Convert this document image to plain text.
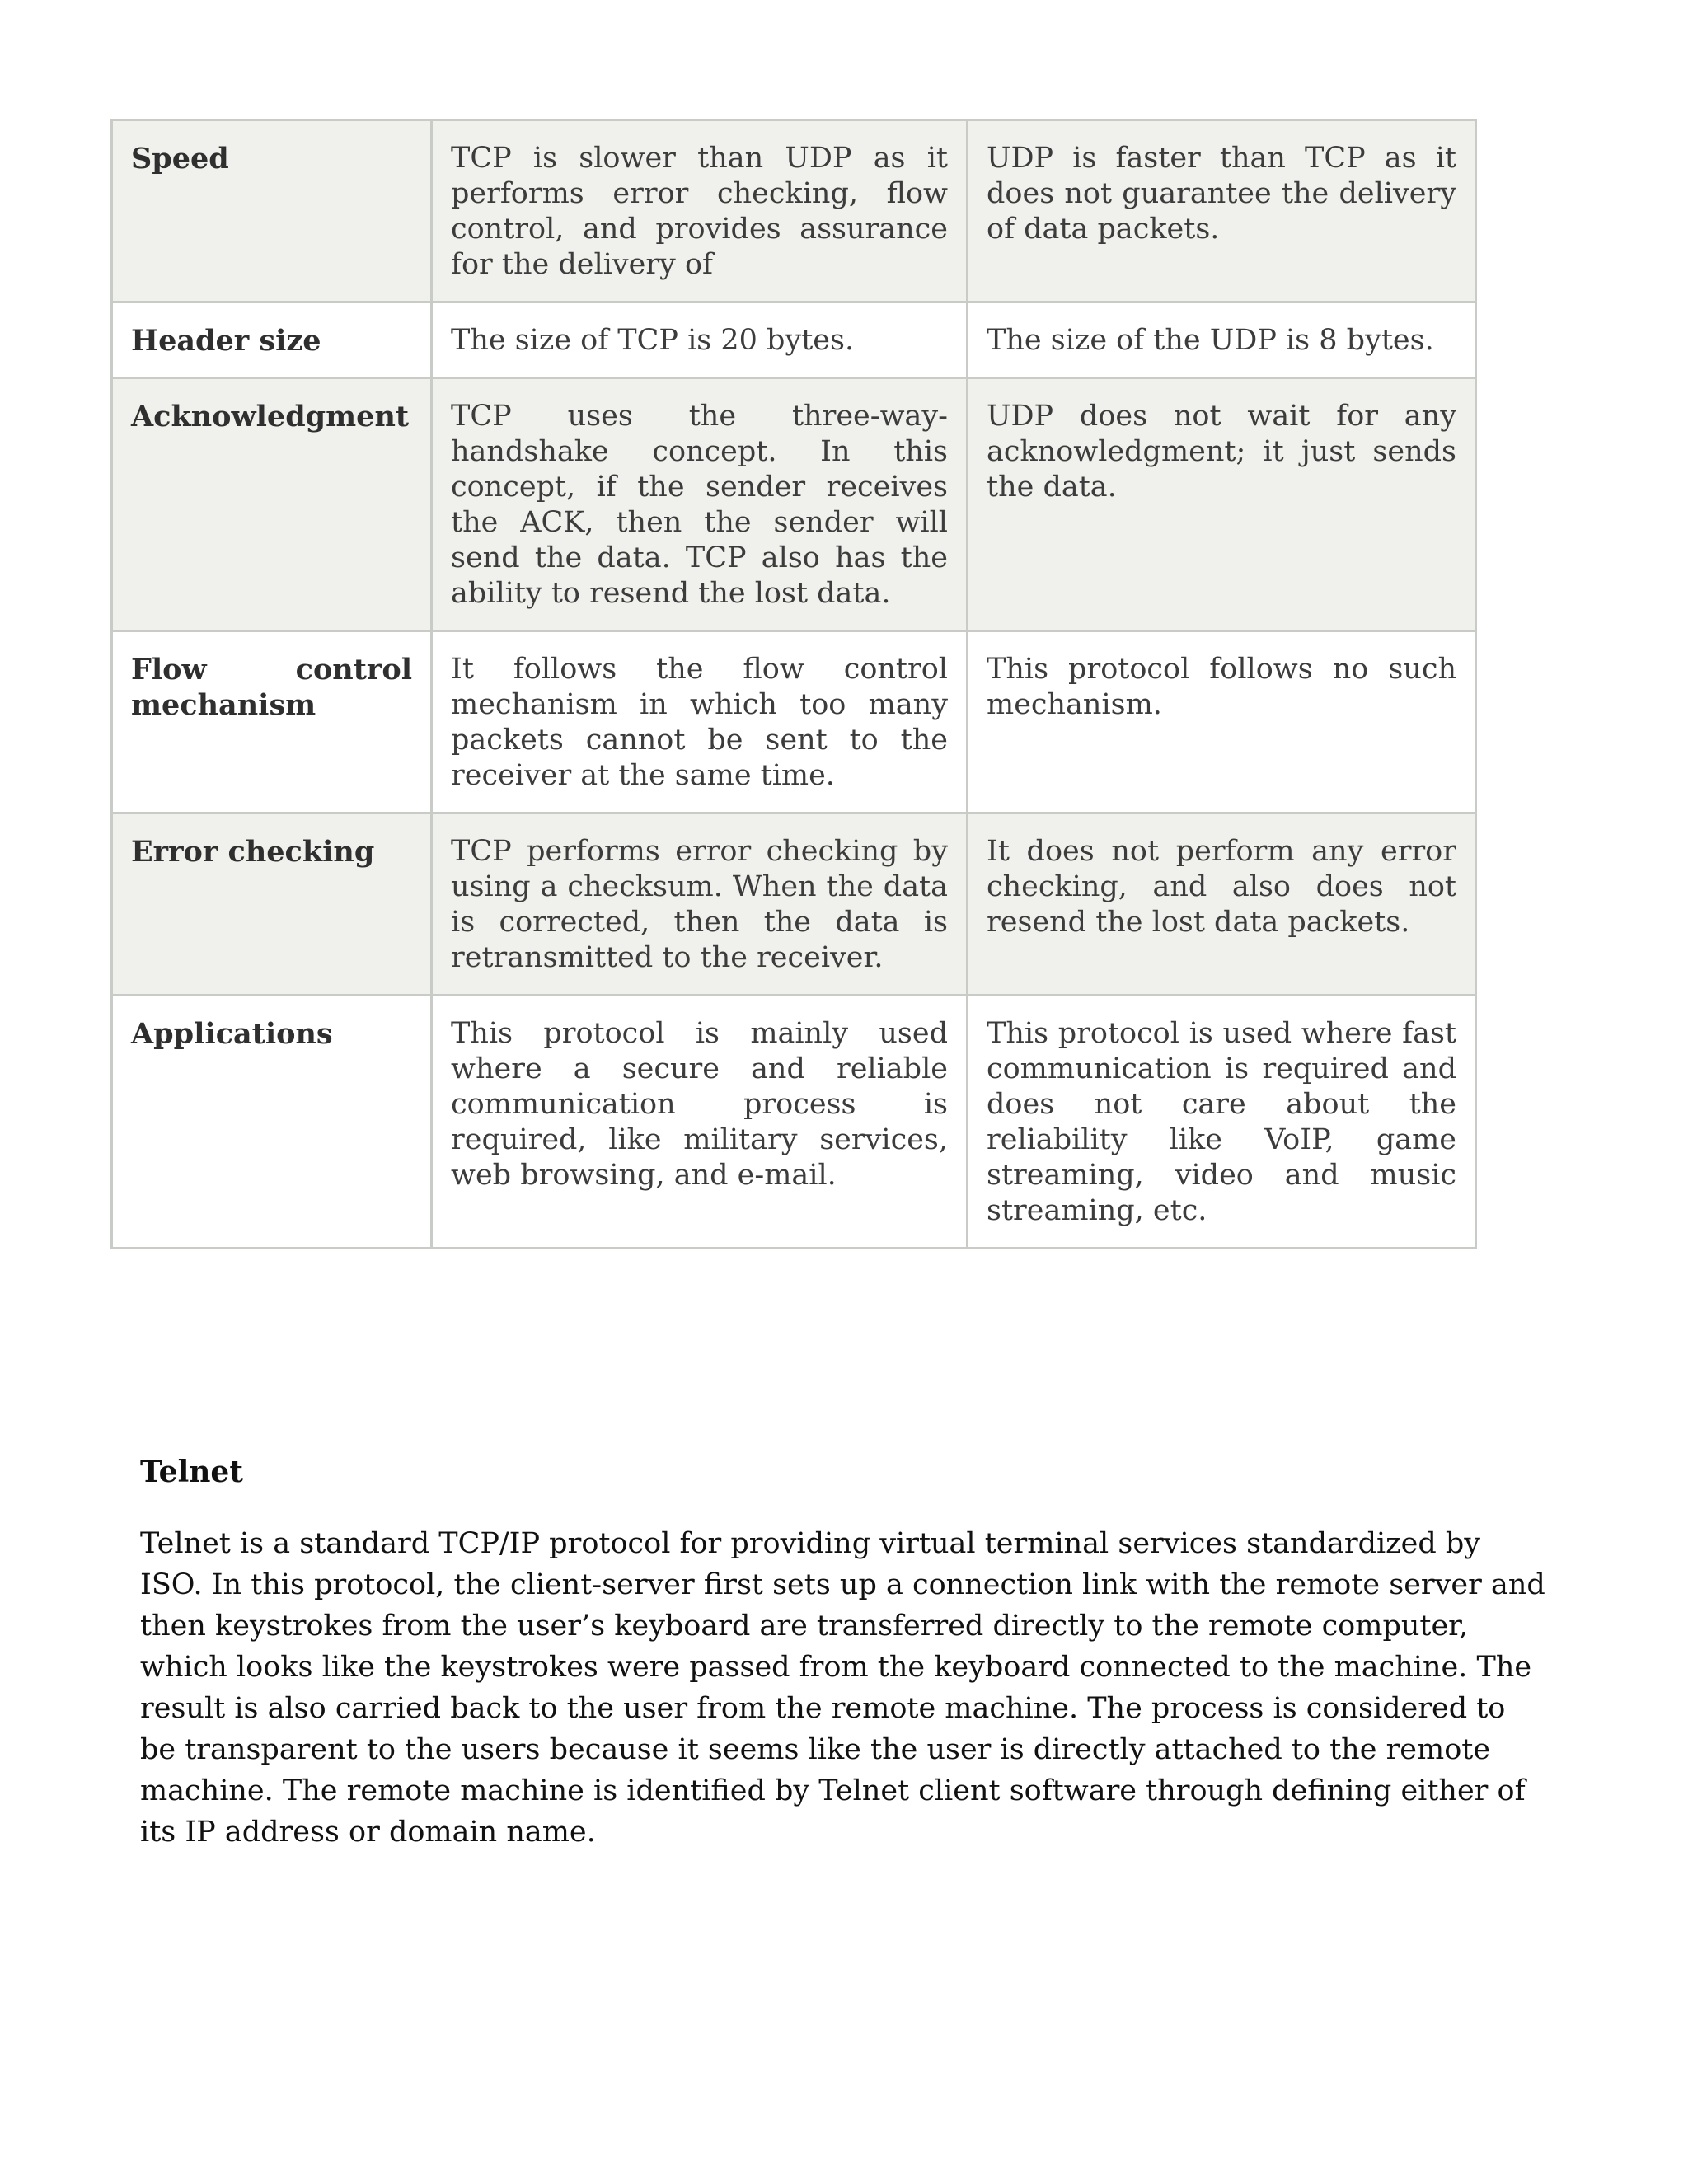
Speed	TCP is slower than UDP as it performs error checking, flow control, and provides assurance for the delivery of	UDP is faster than TCP as it does not guarantee the delivery of data packets.
Header size	The size of TCP is 20 bytes.	The size of the UDP is 8 bytes.
Acknowledgment	TCP uses the three-way-handshake concept. In this concept, if the sender receives the ACK, then the sender will send the data. TCP also has the ability to resend the lost data.	UDP does not wait for any acknowledgment; it just sends the data.
Flow control mechanism	It follows the flow control mechanism in which too many packets cannot be sent to the receiver at the same time.	This protocol follows no such mechanism.
Error checking	TCP performs error checking by using a checksum. When the data is corrected, then the data is retransmitted to the receiver.	It does not perform any error checking, and also does not resend the lost data packets.
Applications	This protocol is mainly used where a secure and reliable communication process is required, like military services, web browsing, and e-mail.	This protocol is used where fast communication is required and does not care about the reliability like VoIP, game streaming, video and music streaming, etc.
Telnet

Telnet is a standard TCP/IP protocol for providing virtual terminal services standardized by ISO. In this protocol, the client-server first sets up a connection link with the remote server and then keystrokes from the user’s keyboard are transferred directly to the remote computer, which looks like the keystrokes were passed from the keyboard connected to the machine. The result is also carried back to the user from the remote machine. The process is considered to be transparent to the users because it seems like the user is directly attached to the remote machine. The remote machine is identified by Telnet client software through defining either of its IP address or domain name.
